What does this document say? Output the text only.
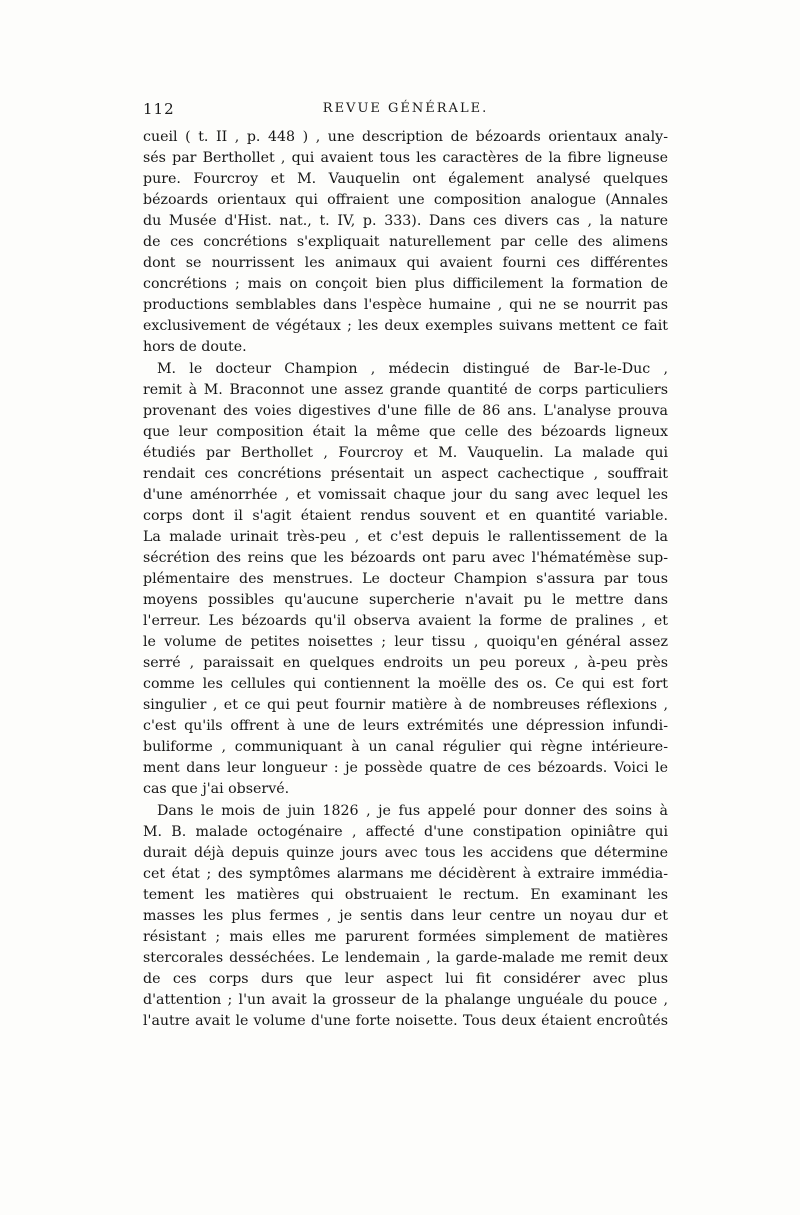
112	REVUE GÉNÉRALE.
cueil ( t. II , p. 448 ) , une description de bézoards orientaux analy-
sés par Berthollet , qui avaient tous les caractères de la fibre ligneuse
pure. Fourcroy et M. Vauquelin ont également analysé quelques
bézoards orientaux qui offraient une composition analogue (Annales
du Musée d'Hist. nat., t. IV, p. 333). Dans ces divers cas , la nature
de ces concrétions s'expliquait naturellement par celle des alimens
dont se nourrissent les animaux qui avaient fourni ces différentes
concrétions ; mais on conçoit bien plus difficilement la formation de
productions semblables dans l'espèce humaine , qui ne se nourrit pas
exclusivement de végétaux ; les deux exemples suivans mettent ce fait
hors de doute.
M. le docteur Champion , médecin distingué de Bar-le-Duc ,
remit à M. Braconnot une assez grande quantité de corps particuliers
provenant des voies digestives d'une fille de 86 ans. L'analyse prouva
que leur composition était la même que celle des bézoards ligneux
étudiés par Berthollet , Fourcroy et M. Vauquelin. La malade qui
rendait ces concrétions présentait un aspect cachectique , souffrait
d'une aménorrhée , et vomissait chaque jour du sang avec lequel les
corps dont il s'agit étaient rendus souvent et en quantité variable.
La malade urinait très-peu , et c'est depuis le rallentissement de la
sécrétion des reins que les bézoards ont paru avec l'hématémèse sup-
plémentaire des menstrues. Le docteur Champion s'assura par tous
moyens possibles qu'aucune supercherie n'avait pu le mettre dans
l'erreur. Les bézoards qu'il observa avaient la forme de pralines , et
le volume de petites noisettes ; leur tissu , quoiqu'en général assez
serré , paraissait en quelques endroits un peu poreux , à-peu près
comme les cellules qui contiennent la moëlle des os. Ce qui est fort
singulier , et ce qui peut fournir matière à de nombreuses réflexions ,
c'est qu'ils offrent à une de leurs extrémités une dépression infundi-
buliforme , communiquant à un canal régulier qui règne intérieure-
ment dans leur longueur : je possède quatre de ces bézoards. Voici le
cas que j'ai observé.
Dans le mois de juin 1826 , je fus appelé pour donner des soins à
M. B. malade octogénaire , affecté d'une constipation opiniâtre qui
durait déjà depuis quinze jours avec tous les accidens que détermine
cet état ; des symptômes alarmans me décidèrent à extraire immédia-
tement les matières qui obstruaient le rectum. En examinant les
masses les plus fermes , je sentis dans leur centre un noyau dur et
résistant ; mais elles me parurent formées simplement de matières
stercorales desséchées. Le lendemain , la garde-malade me remit deux
de ces corps durs que leur aspect lui fit considérer avec plus
d'attention ; l'un avait la grosseur de la phalange unguéale du pouce ,
l'autre avait le volume d'une forte noisette. Tous deux étaient encroûtés
